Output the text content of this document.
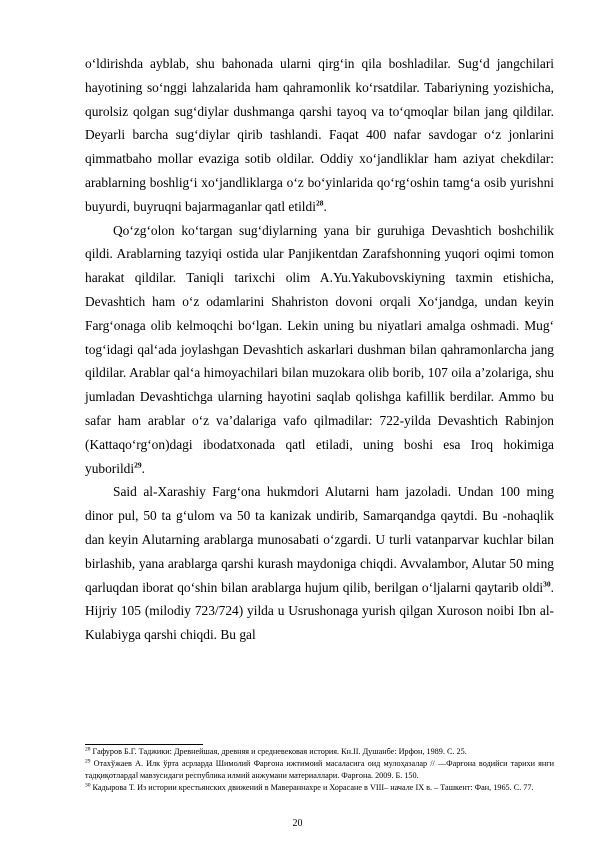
o‘ldirishda ayblab, shu bahonada ularni qirg‘in qila boshladilar. Sug‘d jangchilari hayotining so‘nggi lahzalarida ham qahramonlik ko‘rsatdilar. Tabariyning yozishicha, qurolsiz qolgan sug‘diylar dushmanga qarshi tayoq va to‘qmoqlar bilan jang qildilar. Deyarli barcha sug‘diylar qirib tashlandi. Faqat 400 nafar savdogar o‘z jonlarini qimmatbaho mollar evaziga sotib oldilar. Oddiy xo‘jandliklar ham aziyat chekdilar: arablarning boshlig‘i xo‘jandliklarga o‘z bo‘yinlarida qo‘rg‘oshin tamg‘a osib yurishni buyurdi, buyruqni bajarmaganlar qatl etildi$^{28}$.

Qo‘zg‘olon ko‘targan sug‘diylarning yana bir guruhiga Devashtich boshchilik qildi. Arablarning tazyiqi ostida ular Panjikentdan Zarafshonning yuqori oqimi tomon harakat qildilar. Taniqli tarixchi olim A.Yu.Yakubovskiyning taxmin etishicha, Devashtich ham o‘z odamlarini Shahriston dovoni orqali Xo‘jandga, undan keyin Farg‘onaga olib kelmoqchi bo‘lgan. Lekin uning bu niyatlari amalga oshmadi. Mug‘ tog‘idagi qal‘ada joylashgan Devashtich askarlari dushman bilan qahramonlarcha jang qildilar. Arablar qal‘a himoyachilari bilan muzokara olib borib, 107 oila a’zolariga, shu jumladan Devashtichga ularning hayotini saqlab qolishga kafillik berdilar. Ammo bu safar ham arablar o‘z va’dalariga vafo qilmadilar: 722-yilda Devashtich Rabinjon (Kattaqo‘rg‘on)dagi ibodatxonada qatl etiladi, uning boshi esa Iroq hokimiga yuborildi$^{29}$.

Said al-Xarashiy Farg‘ona hukmdori Alutarni ham jazoladi. Undan 100 ming dinor pul, 50 ta g‘ulom va 50 ta kanizak undirib, Samarqandga qaytdi. Bu -nohaqlik dan keyin Alutarning arablarga munosabati o‘zgardi. U turli vatanparvar kuchlar bilan birlashib, yana arablarga qarshi kurash maydoniga chiqdi. Avvalambor, Alutar 50 ming qarluqdan iborat qo‘shin bilan arablarga hujum qilib, berilgan o‘ljalarni qaytarib oldi$^{30}$. Hijriy 105 (milodiy 723/724) yilda u Usrushonaga yurish qilgan Xuroson noibi Ibn al-Kulabiyga qarshi chiqdi. Bu gal

$^{28}$ Гафуров Б.Г. Таджики: Древнейшая, древняя и средневековая история. Кн.II. Душанбе: Ирфон, 1989. С. 25.

$^{29}$ Отахўжаев А. Илк ўрта асрларда Шимолий Фарғона ижтимоий масаласига оид мулоҳазалар // ―Фарғона водийси тарихи янги тадқиқотларда‖ мавзусидаги республика илмий анжумани материаллари. Фарғона. 2009. Б. 150.

$^{30}$ Кадырова Т. Из истории крестьянских движений в Мавераннахре и Хорасане в VIII– начале IX в. – Ташкент: Фан, 1965. С. 77.

20
